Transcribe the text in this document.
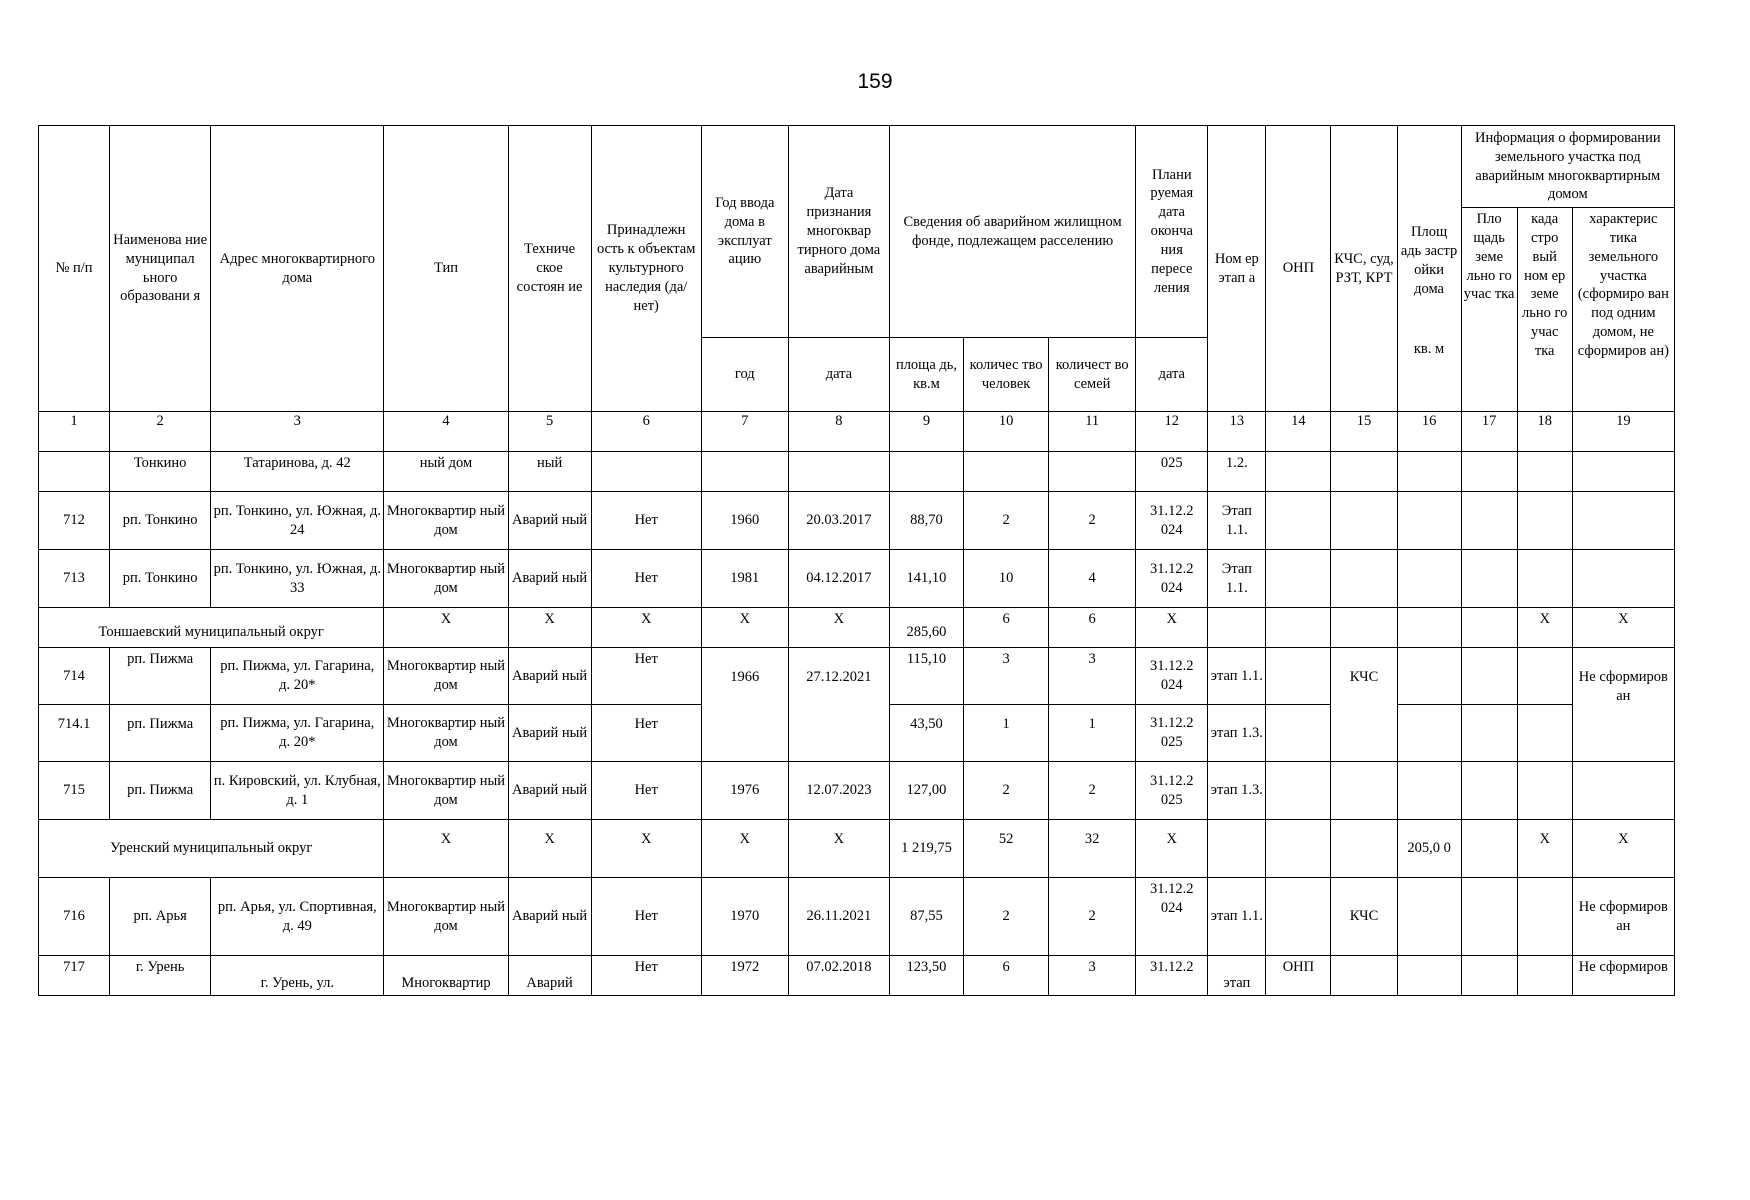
159
№ п/п	Наименова ние муниципал ьного образовани я	Адрес многоквартирного дома	Тип	Техниче ское состоян ие	Принадлежн ость к объектам культурного наследия (да/нет)	Год ввода дома в эксплуат ацию	Дата признания многоквар тирного дома аварийным	Сведения об аварийном жилищном фонде, подлежащем расселению			Плани руемая дата оконча ния пересе ления	Ном ер этап а	ОНП	КЧС, суд, РЗТ, КРТ	Площ адь застр ойки дома	Информация о формировании земельного участка под аварийным многоквартирным домом		
																Пло щадь земе льно го учас тка	када стро вый ном ер земе льно го учас тка	характерис тика земельного участка (сформиро ван под одним домом, не сформиров ан)
						год	дата	площа дь, кв.м	количес тво человек	количест во семей	дата				кв. м			
1	2	3	4	5	6	7	8	9	10	11	12	13	14	15	16	17	18	19
	Тонкино	Татаринова, д. 42	ный дом	ный							025	1.2.						
712	рп. Тонкино	рп. Тонкино, ул. Южная, д. 24	Многоквартир ный дом	Аварий ный	Нет	1960	20.03.2017	88,70	2	2	31.12.2 024	Этап 1.1.						
713	рп. Тонкино	рп. Тонкино, ул. Южная, д. 33	Многоквартир ный дом	Аварий ный	Нет	1981	04.12.2017	141,10	10	4	31.12.2 024	Этап 1.1.						
Тоншаевский муниципальный округ			X	X	X	X	X	285,60	6	6	X						X	X
714	рп. Пижма	рп. Пижма, ул. Гагарина, д. 20*	Многоквартир ный дом	Аварий ный	Нет	1966	27.12.2021	115,10	3	3	31.12.2 024	этап 1.1.		КЧС				Не сформиров ан
714.1	рп. Пижма	рп. Пижма, ул. Гагарина, д. 20*	Многоквартир ный дом	Аварий ный	Нет			43,50	1	1	31.12.2 025	этап 1.3.						
715	рп. Пижма	п. Кировский, ул. Клубная, д. 1	Многоквартир ный дом	Аварий ный	Нет	1976	12.07.2023	127,00	2	2	31.12.2 025	этап 1.3.						
Уренский муниципальный округ			X	X	X	X	X	1 219,75	52	32	X				205,0 0		X	X
716	рп. Арья	рп. Арья, ул. Спортивная, д. 49	Многоквартир ный дом	Аварий ный	Нет	1970	26.11.2021	87,55	2	2	31.12.2 024	этап 1.1.		КЧС				Не сформиров ан
717	г. Урень	г. Урень, ул.	Многоквартир	Аварий	Нет	1972	07.02.2018	123,50	6	3	31.12.2	этап	ОНП					Не сформиров
